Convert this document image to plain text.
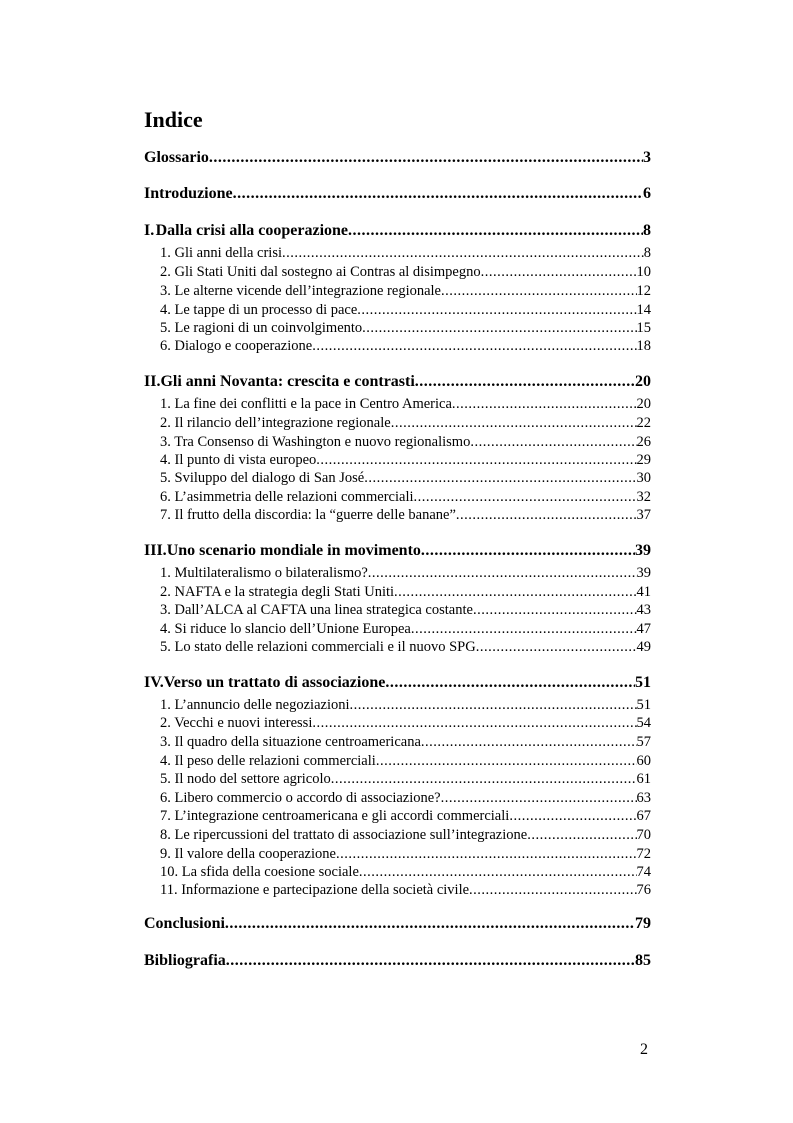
Indice
Glossario .....	3
Introduzione .....	6
I. Dalla crisi alla cooperazione .....	8
1. Gli anni della crisi .....	8
2. Gli Stati Uniti dal sostegno ai Contras al disimpegno .....	10
3. Le alterne vicende dell’integrazione regionale .....	12
4. Le tappe di un processo di pace .....	14
5. Le ragioni di un coinvolgimento .....	15
6. Dialogo e cooperazione .....	18
II. Gli anni Novanta: crescita e contrasti .....	20
1. La fine dei conflitti e la pace in Centro America .....	20
2. Il rilancio dell’integrazione regionale .....	22
3. Tra Consenso di Washington e nuovo regionalismo .....	26
4. Il punto di vista europeo .....	29
5. Sviluppo del dialogo di San José .....	30
6. L’asimmetria delle relazioni commerciali .....	32
7. Il frutto della discordia: la “guerre delle banane” .....	37
III. Uno scenario mondiale in movimento .....	39
1. Multilateralismo o bilateralismo? .....	39
2. NAFTA e la strategia degli Stati Uniti .....	41
3. Dall’ALCA al CAFTA una linea strategica costante .....	43
4. Si riduce lo slancio dell’Unione Europea .....	47
5. Lo stato delle relazioni commerciali e il nuovo SPG .....	49
IV. Verso un trattato di associazione .....	51
1. L’annuncio delle negoziazioni .....	51
2. Vecchi e nuovi interessi .....	54
3. Il quadro della situazione centroamericana .....	57
4. Il peso delle relazioni commerciali .....	60
5. Il nodo del settore agricolo .....	61
6. Libero commercio o accordo di associazione? .....	63
7. L’integrazione centroamericana e gli accordi commerciali .....	67
8. Le ripercussioni del trattato di associazione sull’integrazione .....	70
9. Il valore della cooperazione .....	72
10. La sfida della coesione sociale .....	74
11. Informazione e partecipazione della società civile .....	76
Conclusioni .....	79
Bibliografia .....	85
2
